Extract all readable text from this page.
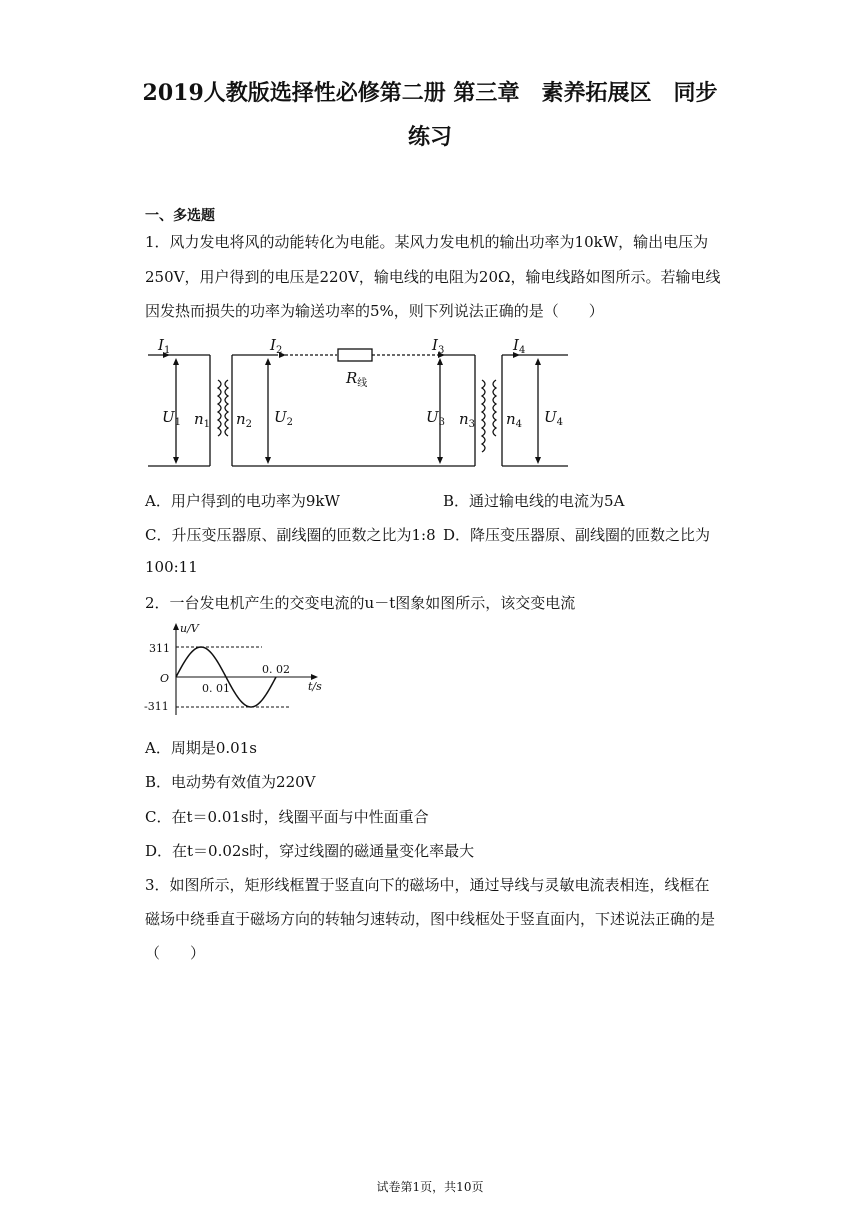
2019人教版选择性必修第二册 第三章　素养拓展区　同步
练习
一、多选题
1．风力发电将风的动能转化为电能。某风力发电机的输出功率为10kW，输出电压为
250V，用户得到的电压是220V，输电线的电阻为20Ω，输电线路如图所示。若输电线
因发热而损失的功率为输送功率的5%，则下列说法正确的是（　　）
$I_1$	$I_2$	$I_3$	$I_4$
$R_线$
$U_1$ $n_1$ $n_2$ $U_2$	$U_3$ $n_3$ $n_4$ $U_4$
A．用户得到的电功率为9kW	B．通过输电线的电流为5A
C．升压变压器原、副线圈的匝数之比为1:8 D．降压变压器原、副线圈的匝数之比为
100:11
2．一台发电机产生的交变电流的u－t图象如图所示，该交变电流
u/V
t/s
O
311
-311
0. 01
0. 02
A．周期是0.01s
B．电动势有效值为220V
C．在t＝0.01s时，线圈平面与中性面重合
D．在t＝0.02s时，穿过线圈的磁通量变化率最大
3．如图所示，矩形线框置于竖直向下的磁场中，通过导线与灵敏电流表相连，线框在
磁场中绕垂直于磁场方向的转轴匀速转动，图中线框处于竖直面内，下述说法正确的是
（　　）
试卷第1页，共10页
